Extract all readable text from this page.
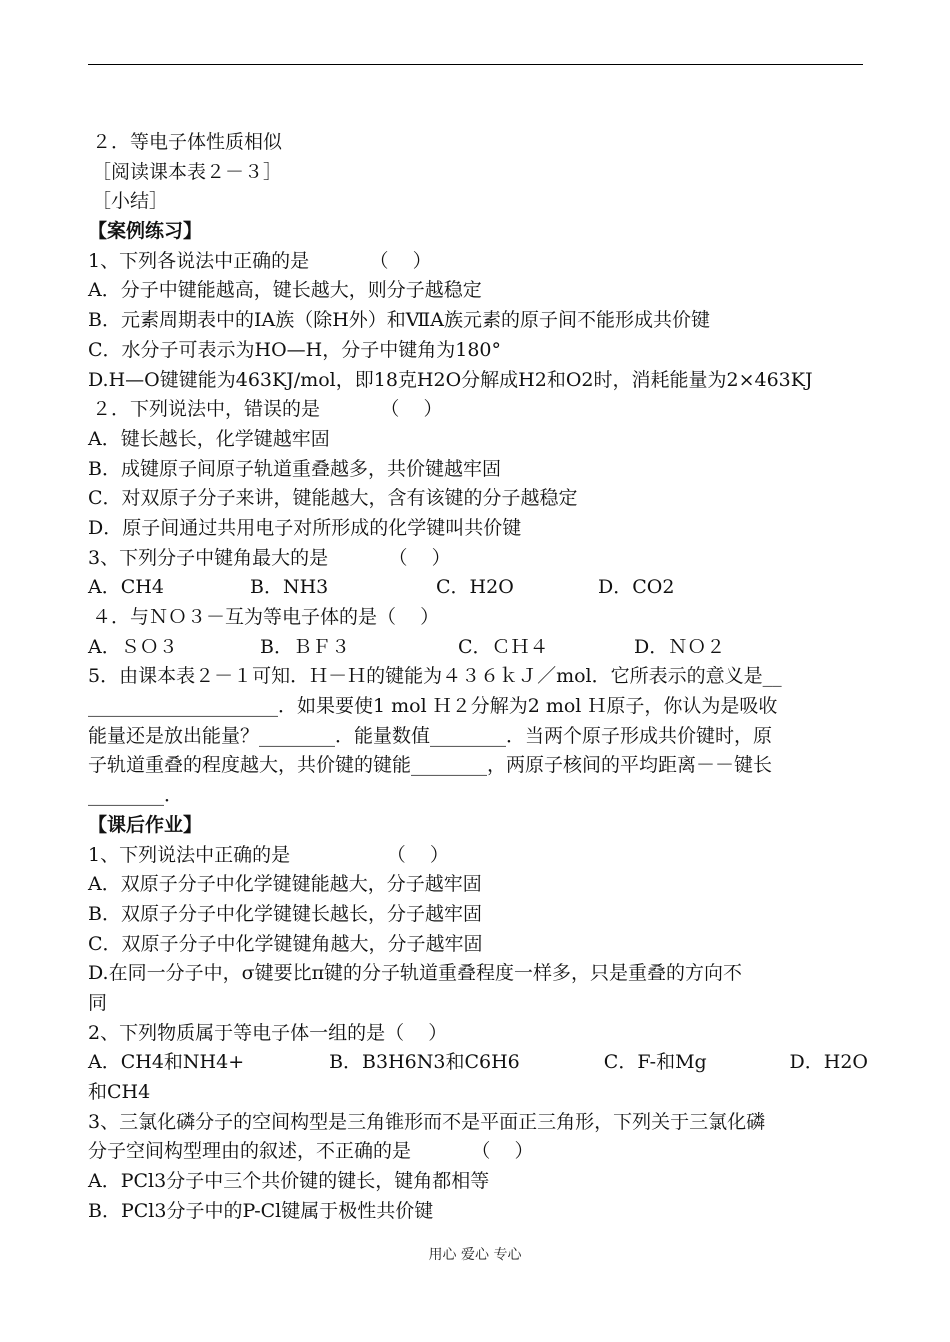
２．等电子体性质相似
［阅读课本表２－３］
［小结］
【案例练习】
1、下列各说法中正确的是          （    ）
A．分子中键能越高，键长越大，则分子越稳定
B．元素周期表中的ⅠA族（除H外）和ⅦA族元素的原子间不能形成共价键
C．水分子可表示为HO—H，分子中键角为180°
D.H—O键键能为463KJ/mol，即18克H2O分解成H2和O2时，消耗能量为2×463KJ
２．下列说法中，错误的是          （    ）
A．键长越长，化学键越牢固
B．成键原子间原子轨道重叠越多，共价键越牢固
C．对双原子分子来讲，键能越大，含有该键的分子越稳定
D．原子间通过共用电子对所形成的化学键叫共价键
3、下列分子中键角最大的是          （    ）
A．CH4	B．NH3	C．H2O	D．CO2
４．与ＮＯ３－互为等电子体的是（    ）
A．ＳＯ３	B．ＢＦ３	C．ＣＨ４	D．ＮＯ２
5．由课本表２－１可知．Ｈ－Ｈ的键能为４３６ｋＪ／mol．它所表示的意义是__
____________________．如果要使1 mol Ｈ２分解为2 mol Ｈ原子，你认为是吸收
能量还是放出能量？________．能量数值________．当两个原子形成共价键时，原
子轨道重叠的程度越大，共价键的键能________，两原子核间的平均距离－－键长
________．
【课后作业】
1、下列说法中正确的是                （    ）
A．双原子分子中化学键键能越大，分子越牢固
B．双原子分子中化学键键长越长，分子越牢固
C．双原子分子中化学键键角越大，分子越牢固
D.在同一分子中，σ键要比π键的分子轨道重叠程度一样多，只是重叠的方向不
同
2、下列物质属于等电子体一组的是（    ）
A．CH4和NH4+	B．B3H6N3和C6H6	C．F-和Mg	D．H2O
和CH4
3、三氯化磷分子的空间构型是三角锥形而不是平面正三角形，下列关于三氯化磷
分子空间构型理由的叙述，不正确的是          （    ）
A．PCl3分子中三个共价键的键长，键角都相等
B．PCl3分子中的P-Cl键属于极性共价键
用心 爱心 专心
